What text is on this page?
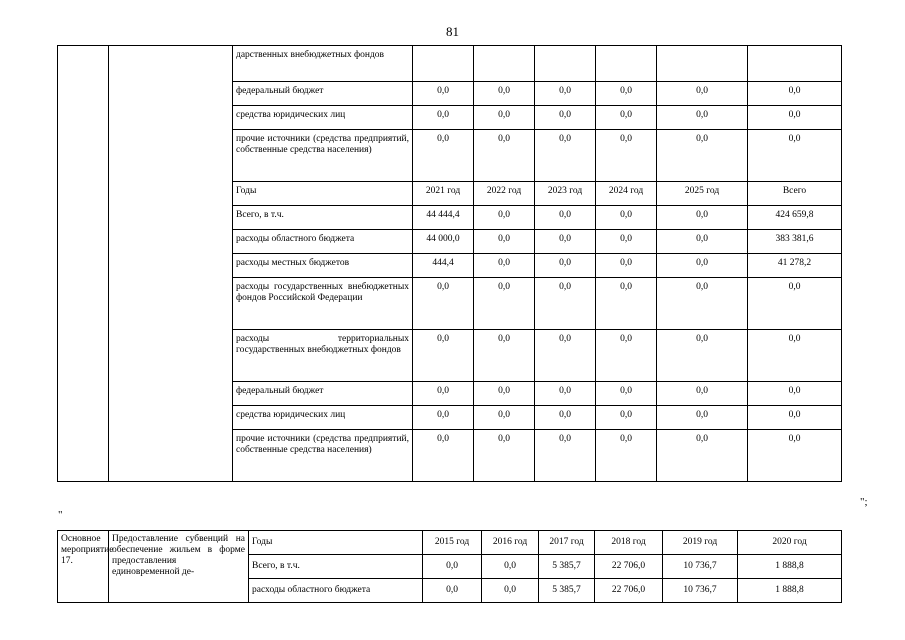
81
		дарственных внебюджетных фондов						
		федеральный бюджет	0,0	0,0	0,0	0,0	0,0	0,0
		средства юридических лиц	0,0	0,0	0,0	0,0	0,0	0,0
		прочие источники (средства предприятий, собственные средства населения)	0,0	0,0	0,0	0,0	0,0	0,0
		Годы	2021 год	2022 год	2023 год	2024 год	2025 год	Всего
		Всего, в т.ч.	44 444,4	0,0	0,0	0,0	0,0	424 659,8
		расходы областного бюджета	44 000,0	0,0	0,0	0,0	0,0	383 381,6
		расходы местных бюджетов	444,4	0,0	0,0	0,0	0,0	41 278,2
		расходы государственных внебюджетных фондов Российской Федерации	0,0	0,0	0,0	0,0	0,0	0,0
		расходы территориальных государственных внебюджетных фондов	0,0	0,0	0,0	0,0	0,0	0,0
		федеральный бюджет	0,0	0,0	0,0	0,0	0,0	0,0
		средства юридических лиц	0,0	0,0	0,0	0,0	0,0	0,0
		прочие источники (средства предприятий, собственные средства населения)	0,0	0,0	0,0	0,0	0,0	0,0
";
"
Основное мероприятие 17.	Предоставление субвенций на обеспечение жильем в форме предоставления единовременной де-	Годы	2015 год	2016 год	2017 год	2018 год	2019 год	2020 год
		Всего, в т.ч.	0,0	0,0	5 385,7	22 706,0	10 736,7	1 888,8
		расходы областного бюджета	0,0	0,0	5 385,7	22 706,0	10 736,7	1 888,8
